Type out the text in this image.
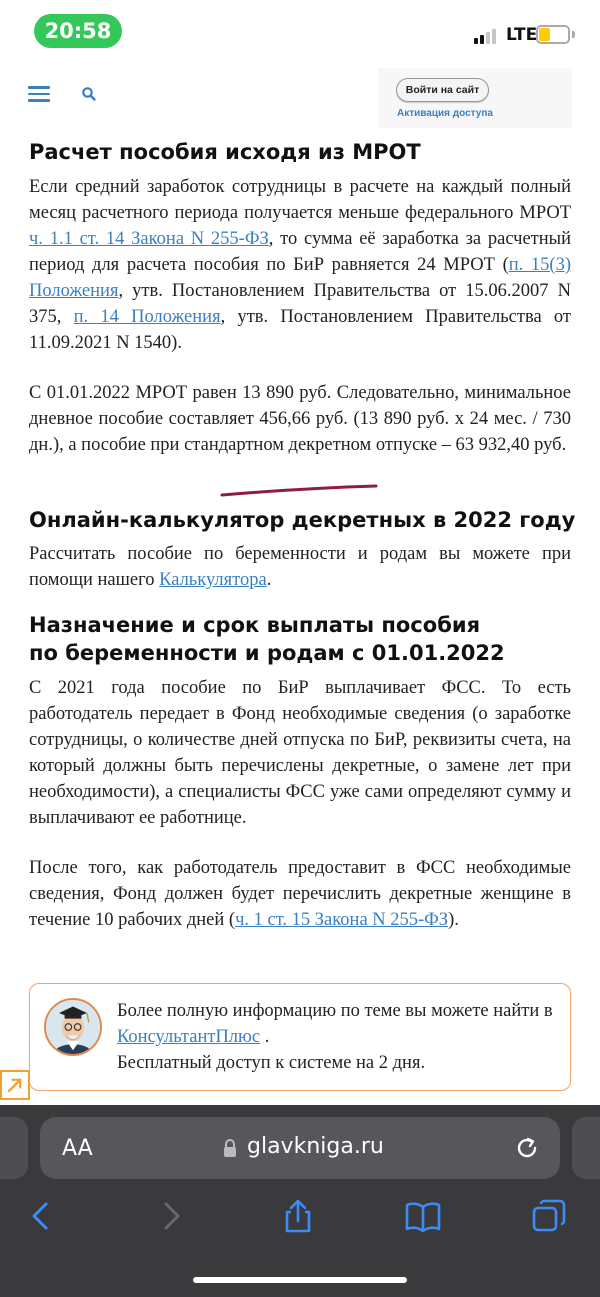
20:58	LTE
Войти на сайт
Активация доступа
Расчет пособия исходя из МРОТ
Если средний заработок сотрудницы в расчете на каждый полный месяц расчетного периода получается меньше федерального МРОТ ч. 1.1 ст. 14 Закона N 255-ФЗ, то сумма её заработка за расчетный период для расчета пособия по БиР равняется 24 МРОТ (п. 15(3) Положения, утв. Постановлением Правительства от 15.06.2007 N 375, п. 14 Положения, утв. Постановлением Правительства от 11.09.2021 N 1540).
С 01.01.2022 МРОТ равен 13 890 руб. Следовательно, минимальное дневное пособие составляет 456,66 руб. (13 890 руб. х 24 мес. / 730 дн.), а пособие при стандартном декретном отпуске – 63 932,40 руб.
Онлайн-калькулятор декретных в 2022 году
Рассчитать пособие по беременности и родам вы можете при помощи нашего Калькулятора.
Назначение и срок выплаты пособия
по беременности и родам с 01.01.2022
С 2021 года пособие по БиР выплачивает ФСС. То есть работодатель передает в Фонд необходимые сведения (о заработке сотрудницы, о количестве дней отпуска по БиР, реквизиты счета, на который должны быть перечислены декретные, о замене лет при необходимости), а специалисты ФСС уже сами определяют сумму и выплачивают ее работнице.
После того, как работодатель предоставит в ФСС необходимые сведения, Фонд должен будет перечислить декретные женщине в течение 10 рабочих дней (ч. 1 ст. 15 Закона N 255-ФЗ).
Более полную информацию по теме вы можете найти в КонсультантПлюс .
Бесплатный доступ к системе на 2 дня.
AA	glavkniga.ru
